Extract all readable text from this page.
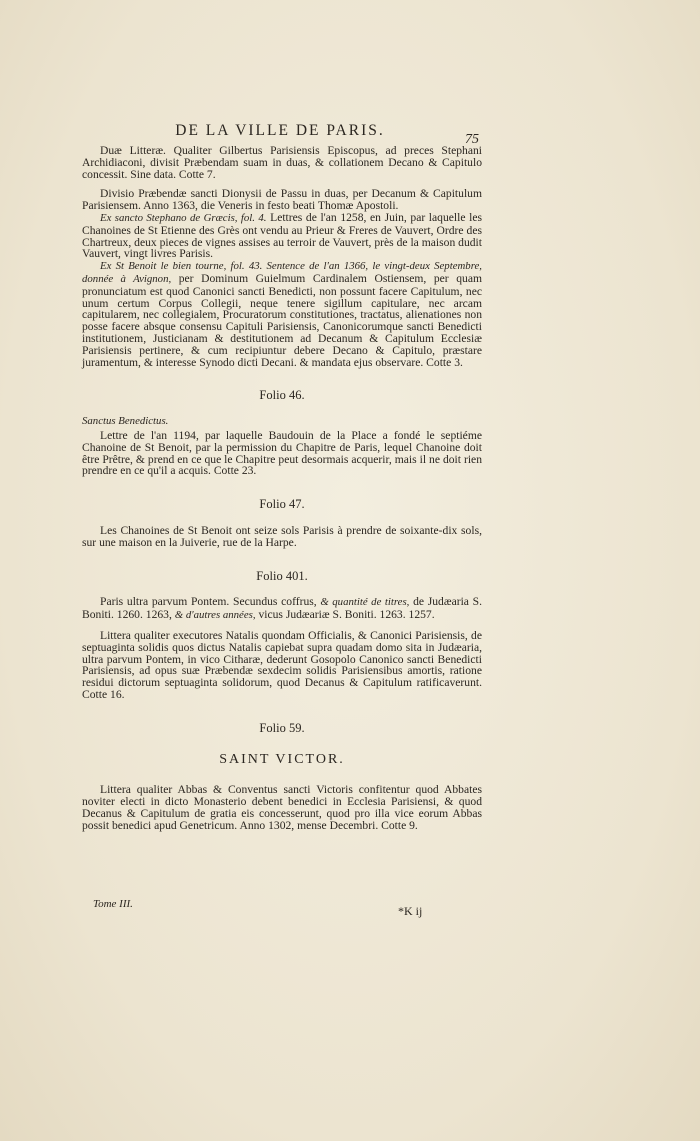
DE LA VILLE DE PARIS.
75

Duæ Litteræ. Qualiter Gilbertus Parisiensis Episcopus, ad preces Stephani Archidiaconi, divisit Præbendam suam in duas, & collationem Decano & Capitulo concessit. Sine data. Cotte 7.

Divisio Præbendæ sancti Dionysii de Passu in duas, per Decanum & Capitulum Parisiensem. Anno 1363, die Veneris in festo beati Thomæ Apostoli.

Ex sancto Stephano de Græcis, fol. 4. Lettres de l'an 1258, en Juin, par laquelle les Chanoines de St Etienne des Grès ont vendu au Prieur & Freres de Vauvert, Ordre des Chartreux, deux pieces de vignes assises au terroir de Vauvert, près de la maison dudit Vauvert, vingt livres Parisis.

Ex St Benoit le bien tourne, fol. 43. Sentence de l'an 1366, le vingt-deux Septembre, donnée à Avignon, per Dominum Guielmum Cardinalem Ostiensem, per quam pronunciatum est quod Canonici sancti Benedicti, non possunt facere Capitulum, nec unum certum Corpus Collegii, neque tenere sigillum capitulare, nec arcam capitularem, nec collegialem, Procuratorum constitutiones, tractatus, alienationes non posse facere absque consensu Capituli Parisiensis, Canonicorumque sancti Benedicti institutionem, Justicianam & destitutionem ad Decanum & Capitulum Ecclesiæ Parisiensis pertinere, & cum recipiuntur debere Decano & Capitulo, præstare juramentum, & interesse Synodo dicti Decani. & mandata ejus observare. Cotte 3.

Folio 46.
Sanctus Benedictus.

Lettre de l'an 1194, par laquelle Baudouin de la Place a fondé le septiéme Chanoine de St Benoit, par la permission du Chapitre de Paris, lequel Chanoine doit être Prêtre, & prend en ce que le Chapitre peut desormais acquerir, mais il ne doit rien prendre en ce qu'il a acquis. Cotte 23.

Folio 47.

Les Chanoines de St Benoit ont seize sols Parisis à prendre de soixante-dix sols, sur une maison en la Juiverie, rue de la Harpe.

Folio 401.

Paris ultra parvum Pontem. Secundus coffrus, & quantité de titres, de Judæaria S. Boniti. 1260. 1263, & d'autres années, vicus Judæariæ S. Boniti. 1263. 1257.

Littera qualiter executores Natalis quondam Officialis, & Canonici Parisiensis, de septuaginta solidis quos dictus Natalis capiebat supra quadam domo sita in Judæaria, ultra parvum Pontem, in vico Citharæ, dederunt Gosopolo Canonico sancti Benedicti Parisiensis, ad opus suæ Præbendæ sexdecim solidis Parisiensibus amortis, ratione residui dictorum septuaginta solidorum, quod Decanus & Capitulum ratificaverunt. Cotte 16.

Folio 59.
SAINT VICTOR.

Littera qualiter Abbas & Conventus sancti Victoris confitentur quod Abbates noviter electi in dicto Monasterio debent benedici in Ecclesia Parisiensi, & quod Decanus & Capitulum de gratia eis concesserunt, quod pro illa vice eorum Abbas possit benedici apud Genetricum. Anno 1302, mense Decembri. Cotte 9.

Tome III.	*K ij
